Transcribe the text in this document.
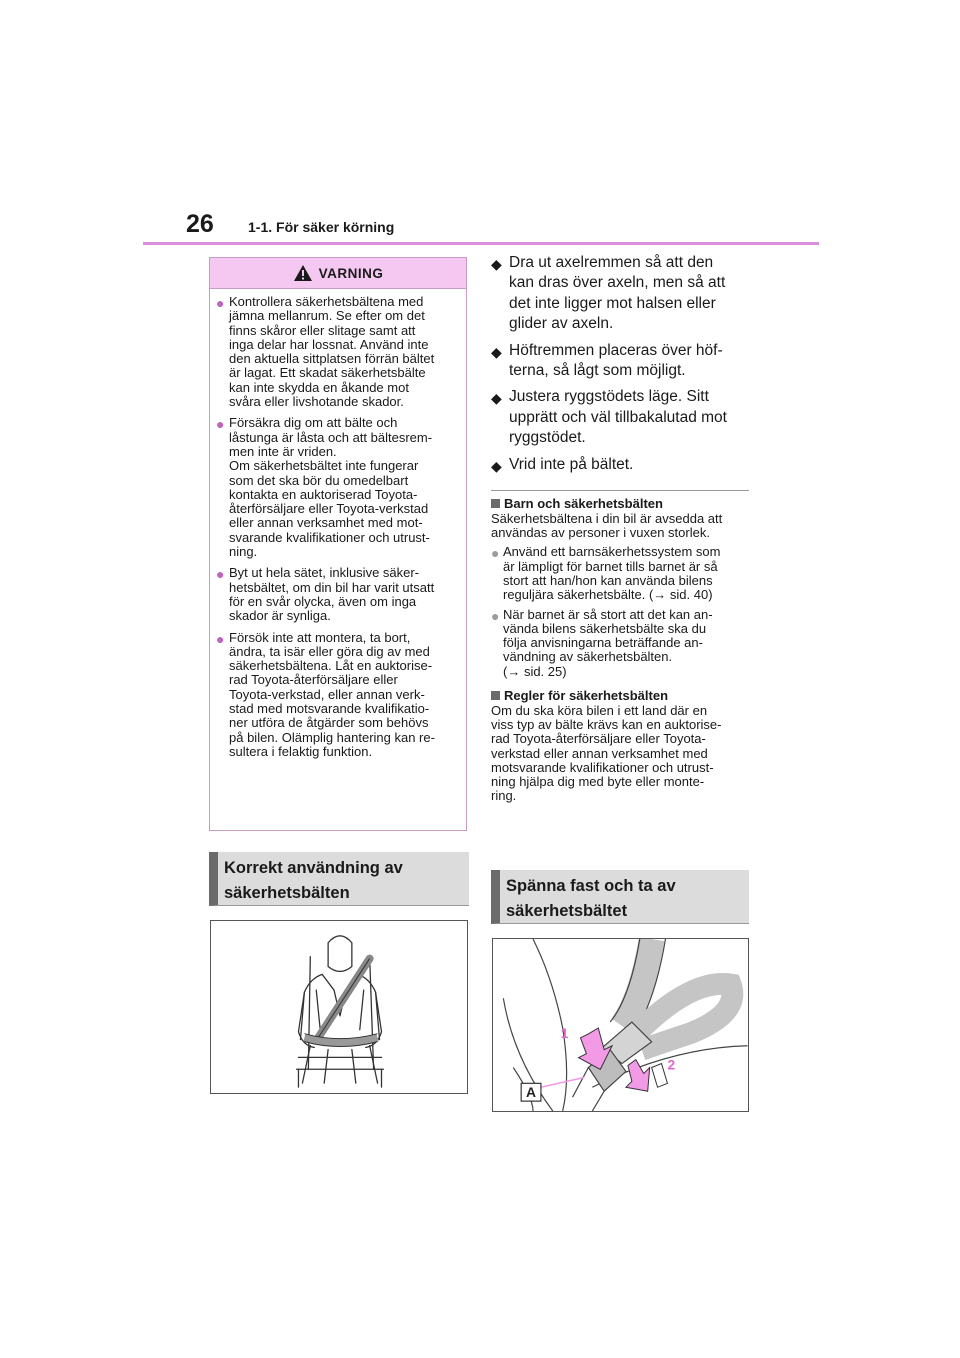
26 1-1. För säker körning
VARNING
● Kontrollera säkerhetsbältena med
jämna mellanrum. Se efter om det
finns skåror eller slitage samt att
inga delar har lossnat. Använd inte
den aktuella sittplatsen förrän bältet
är lagat. Ett skadat säkerhetsbälte
kan inte skydda en åkande mot
svåra eller livshotande skador.
● Försäkra dig om att bälte och
låstunga är låsta och att bältesrem-
men inte är vriden.
Om säkerhetsbältet inte fungerar
som det ska bör du omedelbart
kontakta en auktoriserad Toyota-
återförsäljare eller Toyota-verkstad
eller annan verksamhet med mot-
svarande kvalifikationer och utrust-
ning.
● Byt ut hela sätet, inklusive säker-
hetsbältet, om din bil har varit utsatt
för en svår olycka, även om inga
skador är synliga.
● Försök inte att montera, ta bort,
ändra, ta isär eller göra dig av med
säkerhetsbältena. Låt en auktorise-
rad Toyota-återförsäljare eller
Toyota-verkstad, eller annan verk-
stad med motsvarande kvalifikatio-
ner utföra de åtgärder som behövs
på bilen. Olämplig hantering kan re-
sultera i felaktig funktion.
Korrekt användning av
säkerhetsbälten
◆ Dra ut axelremmen så att den
kan dras över axeln, men så att
det inte ligger mot halsen eller
glider av axeln.
◆ Höftremmen placeras över höf-
terna, så lågt som möjligt.
◆ Justera ryggstödets läge. Sitt
upprätt och väl tillbakalutad mot
ryggstödet.
◆ Vrid inte på bältet.
Barn och säkerhetsbälten
Säkerhetsbältena i din bil är avsedda att
användas av personer i vuxen storlek.
● Använd ett barnsäkerhetssystem som
är lämpligt för barnet tills barnet är så
stort att han/hon kan använda bilens
reguljära säkerhetsbälte. (→ sid. 40)
● När barnet är så stort att det kan an-
vända bilens säkerhetsbälte ska du
följa anvisningarna beträffande an-
vändning av säkerhetsbälten.
(→ sid. 25)
Regler för säkerhetsbälten
Om du ska köra bilen i ett land där en
viss typ av bälte krävs kan en auktorise-
rad Toyota-återförsäljare eller Toyota-
verkstad eller annan verksamhet med
motsvarande kvalifikationer och utrust-
ning hjälpa dig med byte eller monte-
ring.
Spänna fast och ta av
säkerhetsbältet
A
1
2
